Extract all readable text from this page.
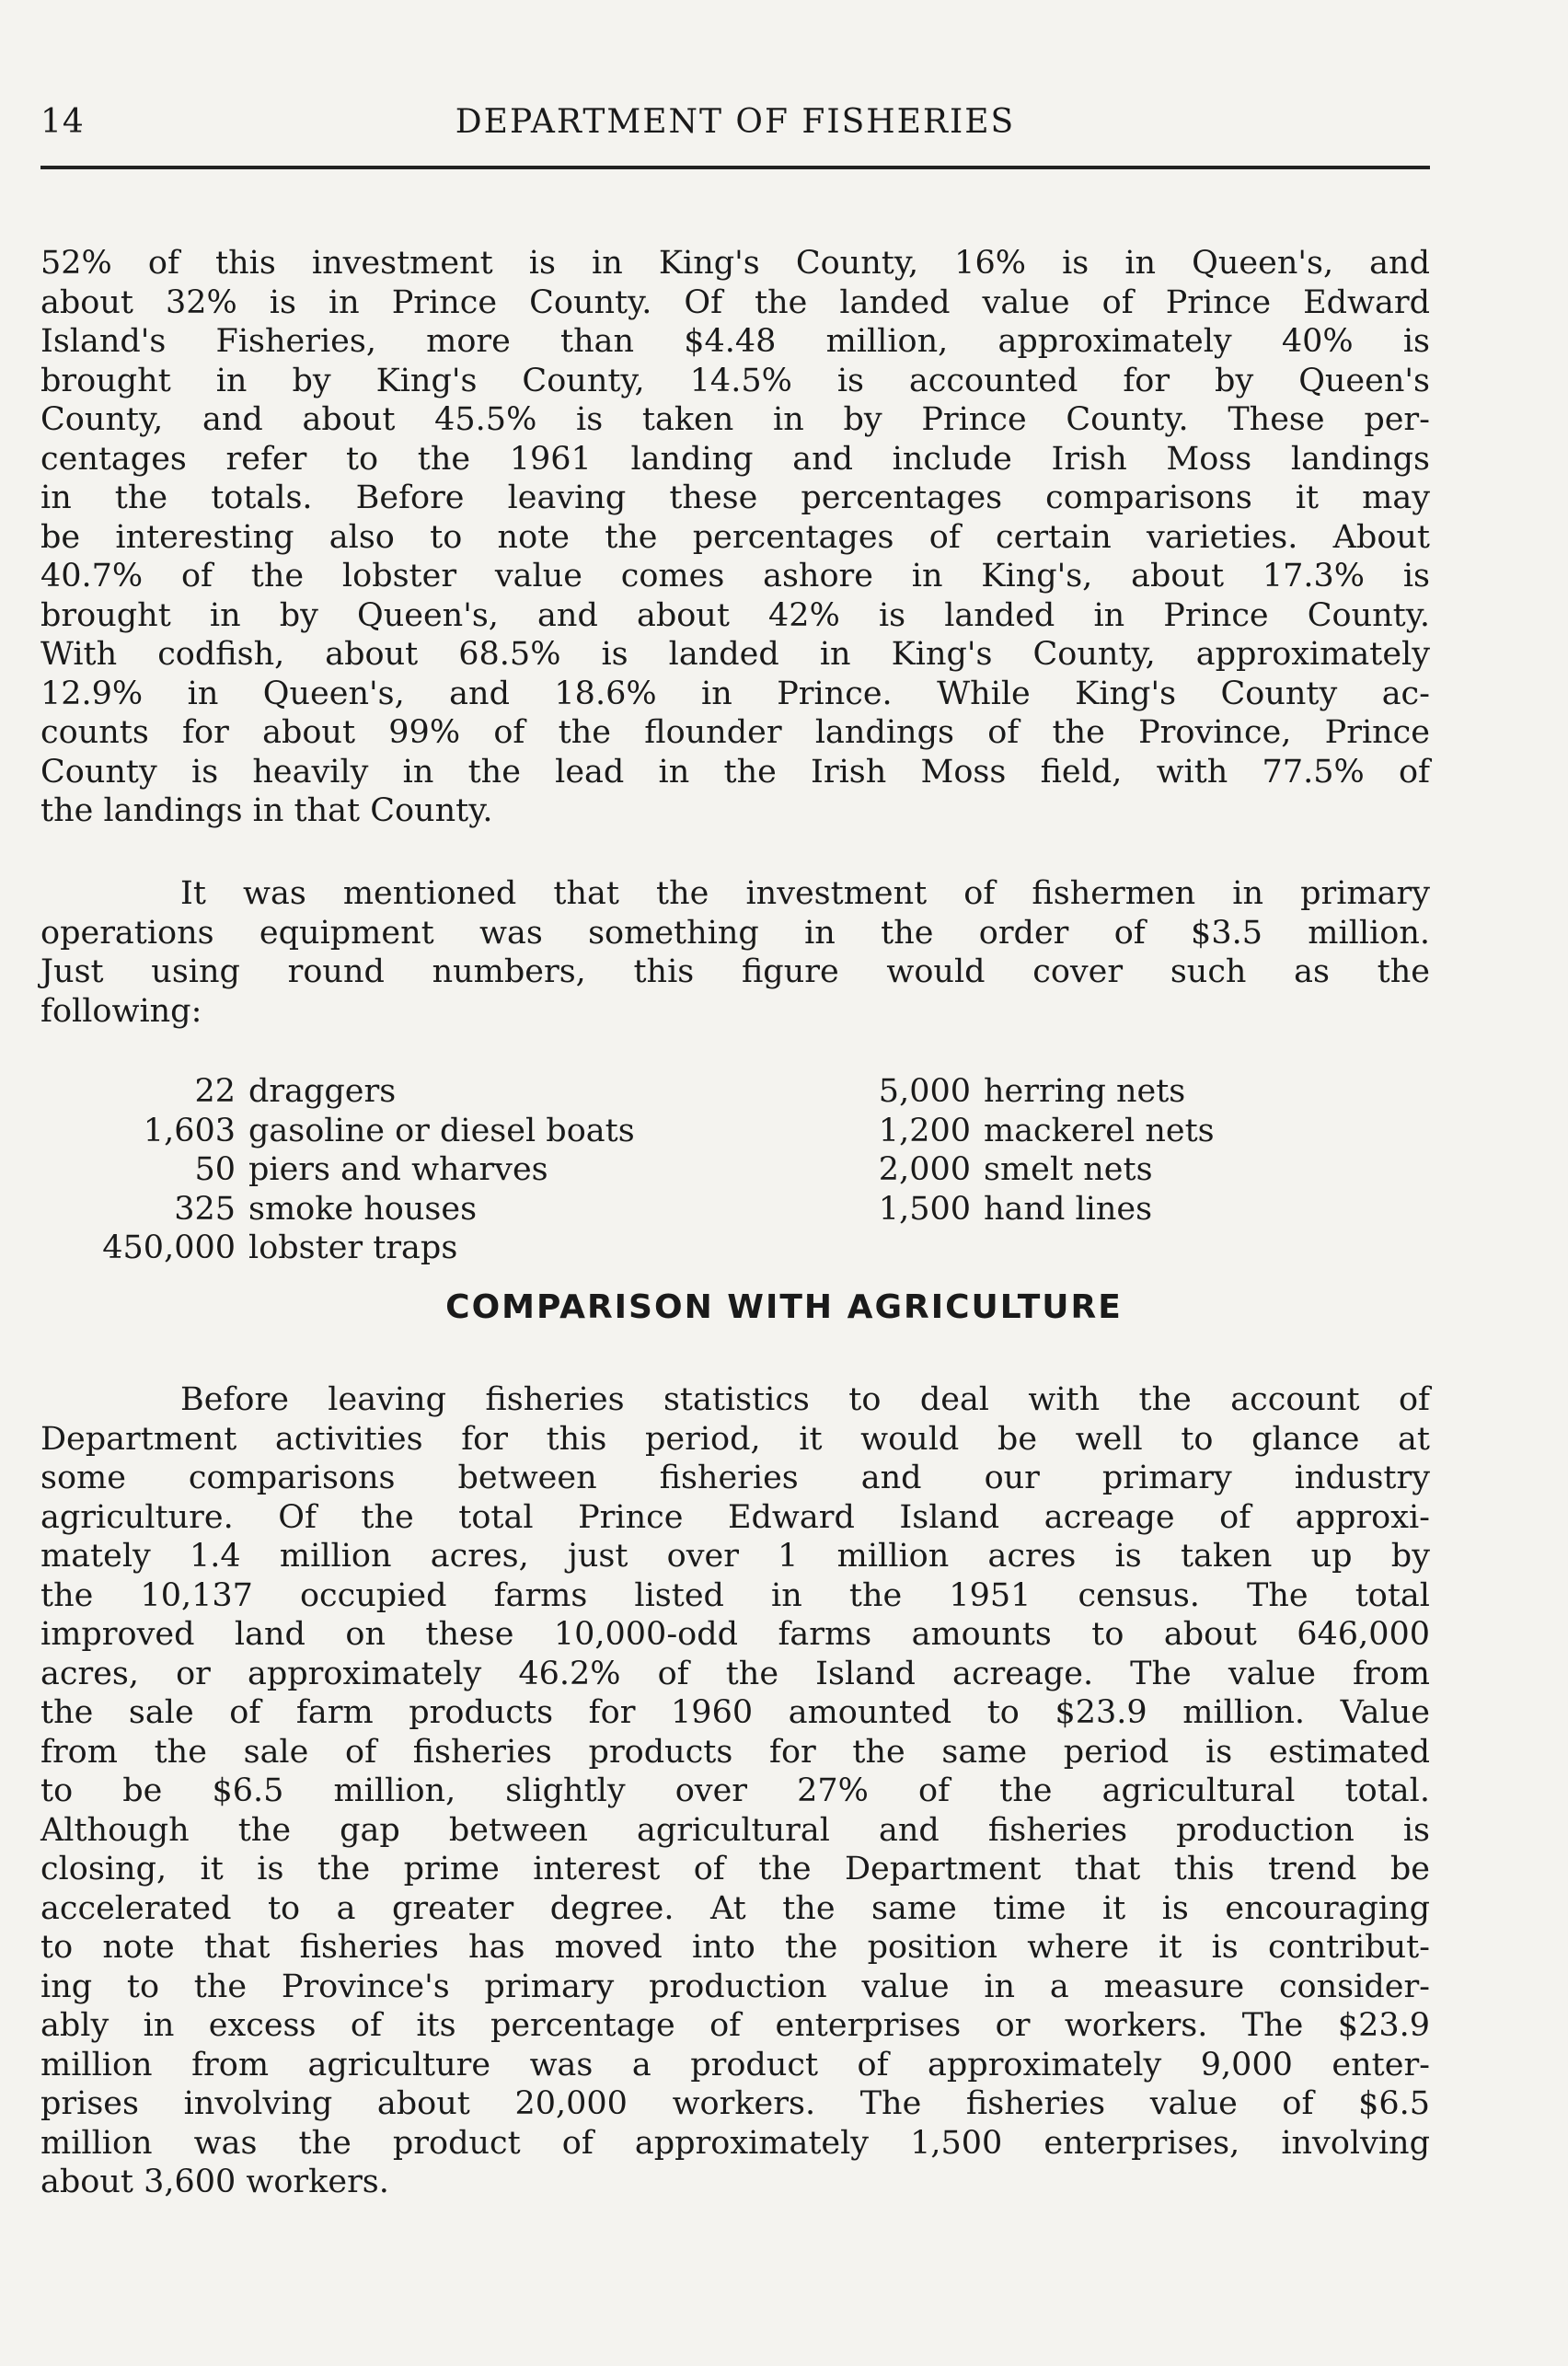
14	DEPARTMENT OF FISHERIES

52% of this investment is in King's County, 16% is in Queen's, and
about 32% is in Prince County. Of the landed value of Prince Edward
Island's Fisheries, more than $4.48 million, approximately 40% is
brought in by King's County, 14.5% is accounted for by Queen's
County, and about 45.5% is taken in by Prince County. These per-
centages refer to the 1961 landing and include Irish Moss landings
in the totals. Before leaving these percentages comparisons it may
be interesting also to note the percentages of certain varieties. About
40.7% of the lobster value comes ashore in King's, about 17.3% is
brought in by Queen's, and about 42% is landed in Prince County.
With codfish, about 68.5% is landed in King's County, approximately
12.9% in Queen's, and 18.6% in Prince. While King's County ac-
counts for about 99% of the flounder landings of the Province, Prince
County is heavily in the lead in the Irish Moss field, with 77.5% of
the landings in that County.

It was mentioned that the investment of fishermen in primary
operations equipment was something in the order of $3.5 million.
Just using round numbers, this figure would cover such as the
following:

22 draggers
1,603 gasoline or diesel boats
50 piers and wharves
325 smoke houses
450,000 lobster traps
5,000 herring nets
1,200 mackerel nets
2,000 smelt nets
1,500 hand lines
COMPARISON WITH AGRICULTURE

Before leaving fisheries statistics to deal with the account of
Department activities for this period, it would be well to glance at
some comparisons between fisheries and our primary industry
agriculture. Of the total Prince Edward Island acreage of approxi-
mately 1.4 million acres, just over 1 million acres is taken up by
the 10,137 occupied farms listed in the 1951 census. The total
improved land on these 10,000-odd farms amounts to about 646,000
acres, or approximately 46.2% of the Island acreage. The value from
the sale of farm products for 1960 amounted to $23.9 million. Value
from the sale of fisheries products for the same period is estimated
to be $6.5 million, slightly over 27% of the agricultural total.
Although the gap between agricultural and fisheries production is
closing, it is the prime interest of the Department that this trend be
accelerated to a greater degree. At the same time it is encouraging
to note that fisheries has moved into the position where it is contribut-
ing to the Province's primary production value in a measure consider-
ably in excess of its percentage of enterprises or workers. The $23.9
million from agriculture was a product of approximately 9,000 enter-
prises involving about 20,000 workers. The fisheries value of $6.5
million was the product of approximately 1,500 enterprises, involving
about 3,600 workers.
